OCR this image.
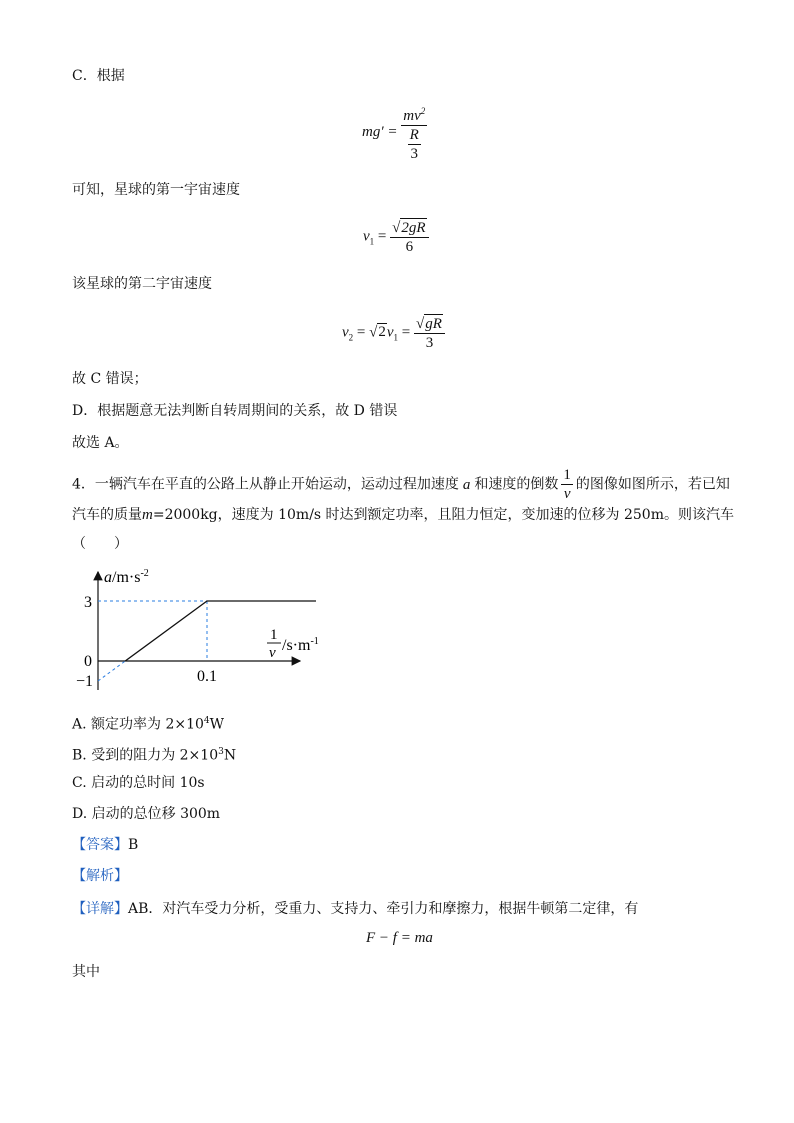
C．根据
$mg' = \frac{mv^2}{\frac{R}{3}}$
可知，星球的第一宇宙速度
$v_1 = \frac{√2gR}{6}$
该星球的第二宇宙速度
$v_2 = √2v_1 = \frac{√gR}{3}$
故 C 错误；
D．根据题意无法判断自转周期间的关系，故 D 错误
故选 A。
4．一辆汽车在平直的公路上从静止开始运动，运动过程加速度 a 和速度的倒数 $\frac{1}{v}$ 的图像如图所示，若已知
汽车的质量m=2000kg，速度为 10m/s 时达到额定功率，且阻力恒定，变加速的位移为 250m。则该汽车
（　　）
$a/m\cdot s^{-2}$
3
0
−1	0.1
1
v $/s\cdot m^{-1}$
A. 额定功率为 $2\times 10^4W$
B. 受到的阻力为 $2\times 10^3N$
C. 启动的总时间 10s
D. 启动的总位移 300m
【答案】B
【解析】
【详解】AB．对汽车受力分析，受重力、支持力、牵引力和摩擦力，根据牛顿第二定律，有
F − f = ma
其中
